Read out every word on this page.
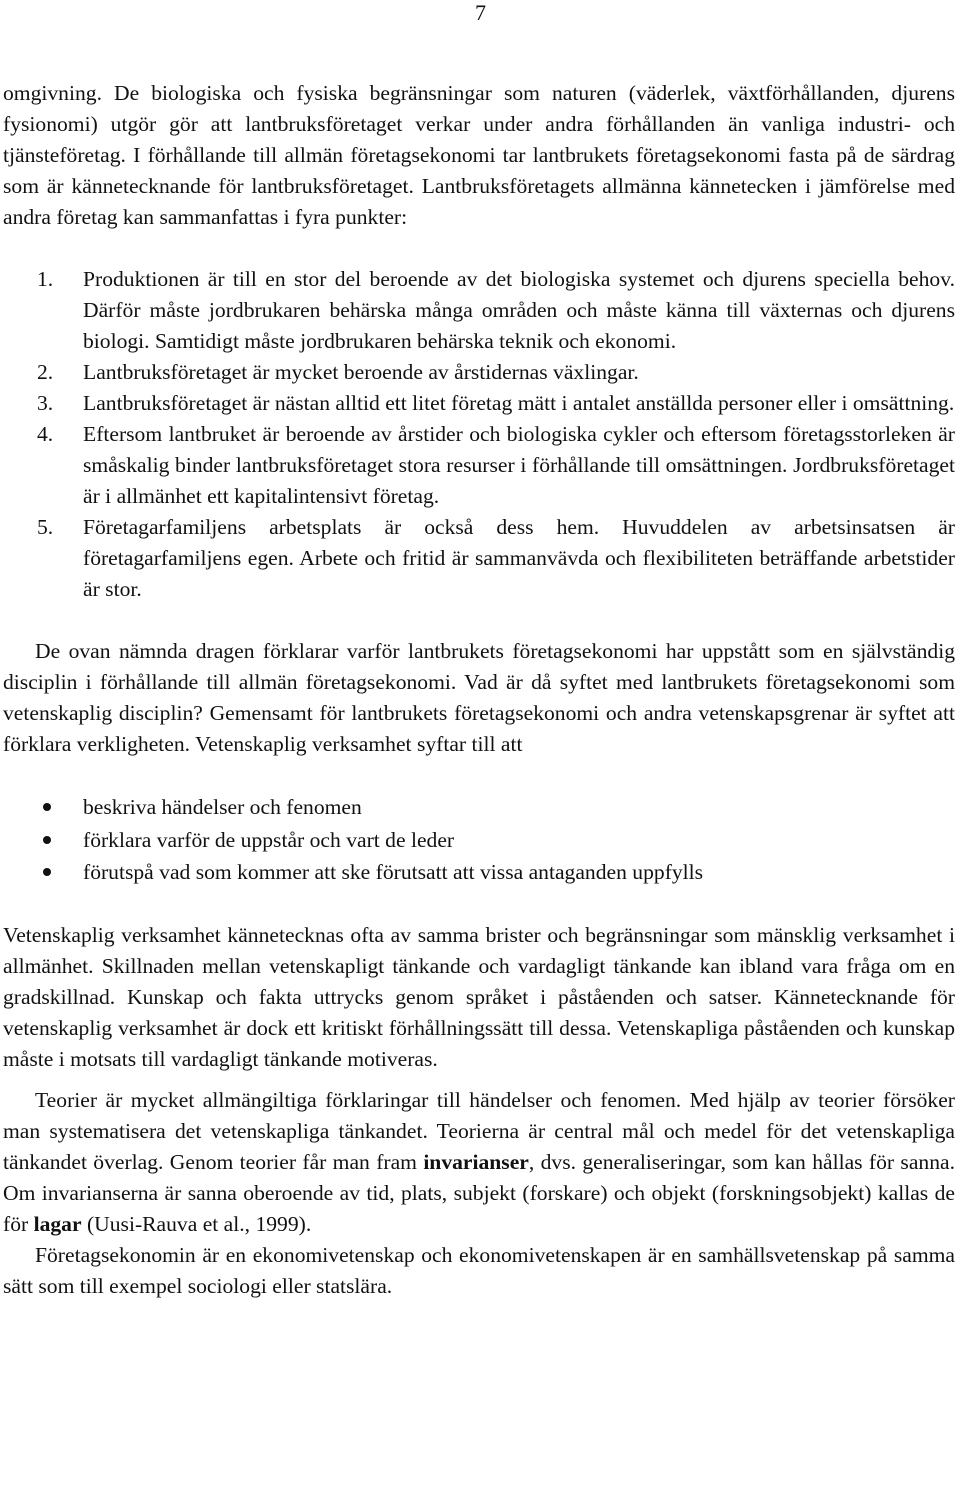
7

omgivning. De biologiska och fysiska begränsningar som naturen (väderlek, växtförhållanden, djurens fysionomi) utgör gör att lantbruksföretaget verkar under andra förhållanden än vanliga industri- och tjänsteföretag. I förhållande till allmän företagsekonomi tar lantbrukets företagsekonomi fasta på de särdrag som är kännetecknande för lantbruksföretaget. Lantbruksföretagets allmänna kännetecken i jämförelse med andra företag kan sammanfattas i fyra punkter:

1. Produktionen är till en stor del beroende av det biologiska systemet och djurens speciella behov. Därför måste jordbrukaren behärska många områden och måste känna till växternas och djurens biologi. Samtidigt måste jordbrukaren behärska teknik och ekonomi.
2. Lantbruksföretaget är mycket beroende av årstidernas växlingar.
3. Lantbruksföretaget är nästan alltid ett litet företag mätt i antalet anställda personer eller i omsättning.
4. Eftersom lantbruket är beroende av årstider och biologiska cykler och eftersom företagsstorleken är småskalig binder lantbruksföretaget stora resurser i förhållande till omsättningen. Jordbruksföretaget är i allmänhet ett kapitalintensivt företag.
5. Företagarfamiljens arbetsplats är också dess hem. Huvuddelen av arbetsinsatsen är företagarfamiljens egen. Arbete och fritid är sammanvävda och flexibiliteten beträffande arbetstider är stor.

De ovan nämnda dragen förklarar varför lantbrukets företagsekonomi har uppstått som en självständig disciplin i förhållande till allmän företagsekonomi. Vad är då syftet med lantbrukets företagsekonomi som vetenskaplig disciplin? Gemensamt för lantbrukets företagsekonomi och andra vetenskapsgrenar är syftet att förklara verkligheten. Vetenskaplig verksamhet syftar till att

beskriva händelser och fenomen
förklara varför de uppstår och vart de leder
förutspå vad som kommer att ske förutsatt att vissa antaganden uppfylls

Vetenskaplig verksamhet kännetecknas ofta av samma brister och begränsningar som mänsklig verksamhet i allmänhet. Skillnaden mellan vetenskapligt tänkande och vardagligt tänkande kan ibland vara fråga om en gradskillnad. Kunskap och fakta uttrycks genom språket i påståenden och satser. Kännetecknande för vetenskaplig verksamhet är dock ett kritiskt förhållningssätt till dessa. Vetenskapliga påståenden och kunskap måste i motsats till vardagligt tänkande motiveras.

Teorier är mycket allmängiltiga förklaringar till händelser och fenomen. Med hjälp av teorier försöker man systematisera det vetenskapliga tänkandet. Teorierna är central mål och medel för det vetenskapliga tänkandet överlag. Genom teorier får man fram invarianser, dvs. generaliseringar, som kan hållas för sanna. Om invarianserna är sanna oberoende av tid, plats, subjekt (forskare) och objekt (forskningsobjekt) kallas de för lagar (Uusi-Rauva et al., 1999).

Företagsekonomin är en ekonomivetenskap och ekonomivetenskapen är en samhällsvetenskap på samma sätt som till exempel sociologi eller statslära.
